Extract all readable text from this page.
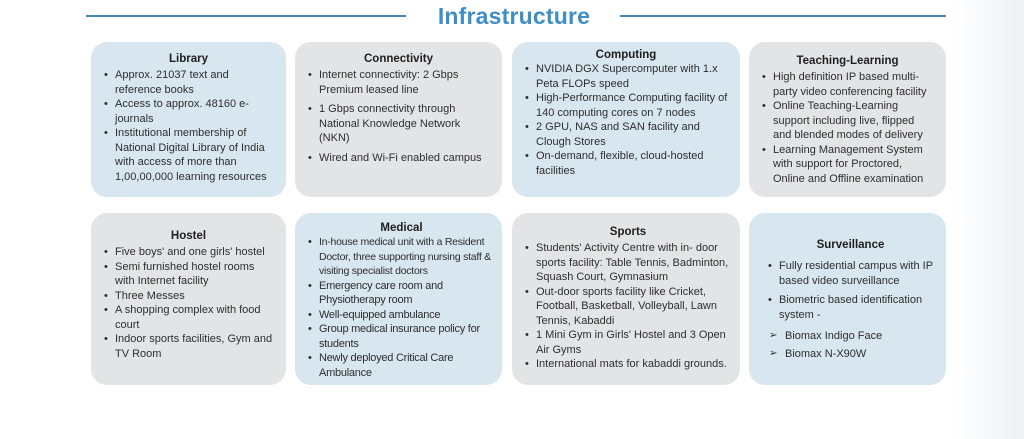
Infrastructure
Library
• Approx. 21037 text and reference books
• Access to approx. 48160 e-journals
• Institutional membership of National Digital Library of India with access of more than 1,00,00,000 learning resources
Connectivity
• Internet connectivity: 2 Gbps Premium leased line
• 1 Gbps connectivity through National Knowledge Network (NKN)
• Wired and Wi-Fi enabled campus
Computing
• NVIDIA DGX Supercomputer with 1.x Peta FLOPs speed
• High-Performance Computing facility of 140 computing cores on 7 nodes
• 2 GPU, NAS and SAN facility and Clough Stores
• On-demand, flexible, cloud-hosted facilities
Teaching-Learning
• High definition IP based multi-party video conferencing facility
• Online Teaching-Learning support including live, flipped and blended modes of delivery
• Learning Management System with support for Proctored, Online and Offline examination
Hostel
• Five boys' and one girls' hostel
• Semi furnished hostel rooms with Internet facility
• Three Messes
• A shopping complex with food court
• Indoor sports facilities, Gym and TV Room
Medical
• In-house medical unit with a Resident Doctor, three supporting nursing staff & visiting specialist doctors
• Emergency care room and Physiotherapy room
• Well-equipped ambulance
• Group medical insurance policy for students
• Newly deployed Critical Care Ambulance
Sports
• Students' Activity Centre with in- door sports facility: Table Tennis, Badminton, Squash Court, Gymnasium
• Out-door sports facility like Cricket, Football, Basketball, Volleyball, Lawn Tennis, Kabaddi
• 1 Mini Gym in Girls' Hostel and 3 Open Air Gyms
• International mats for kabaddi grounds.
Surveillance
• Fully residential campus with IP based video surveillance
• Biometric based identification system -
➢ Biomax Indigo Face
➢ Biomax N-X90W
